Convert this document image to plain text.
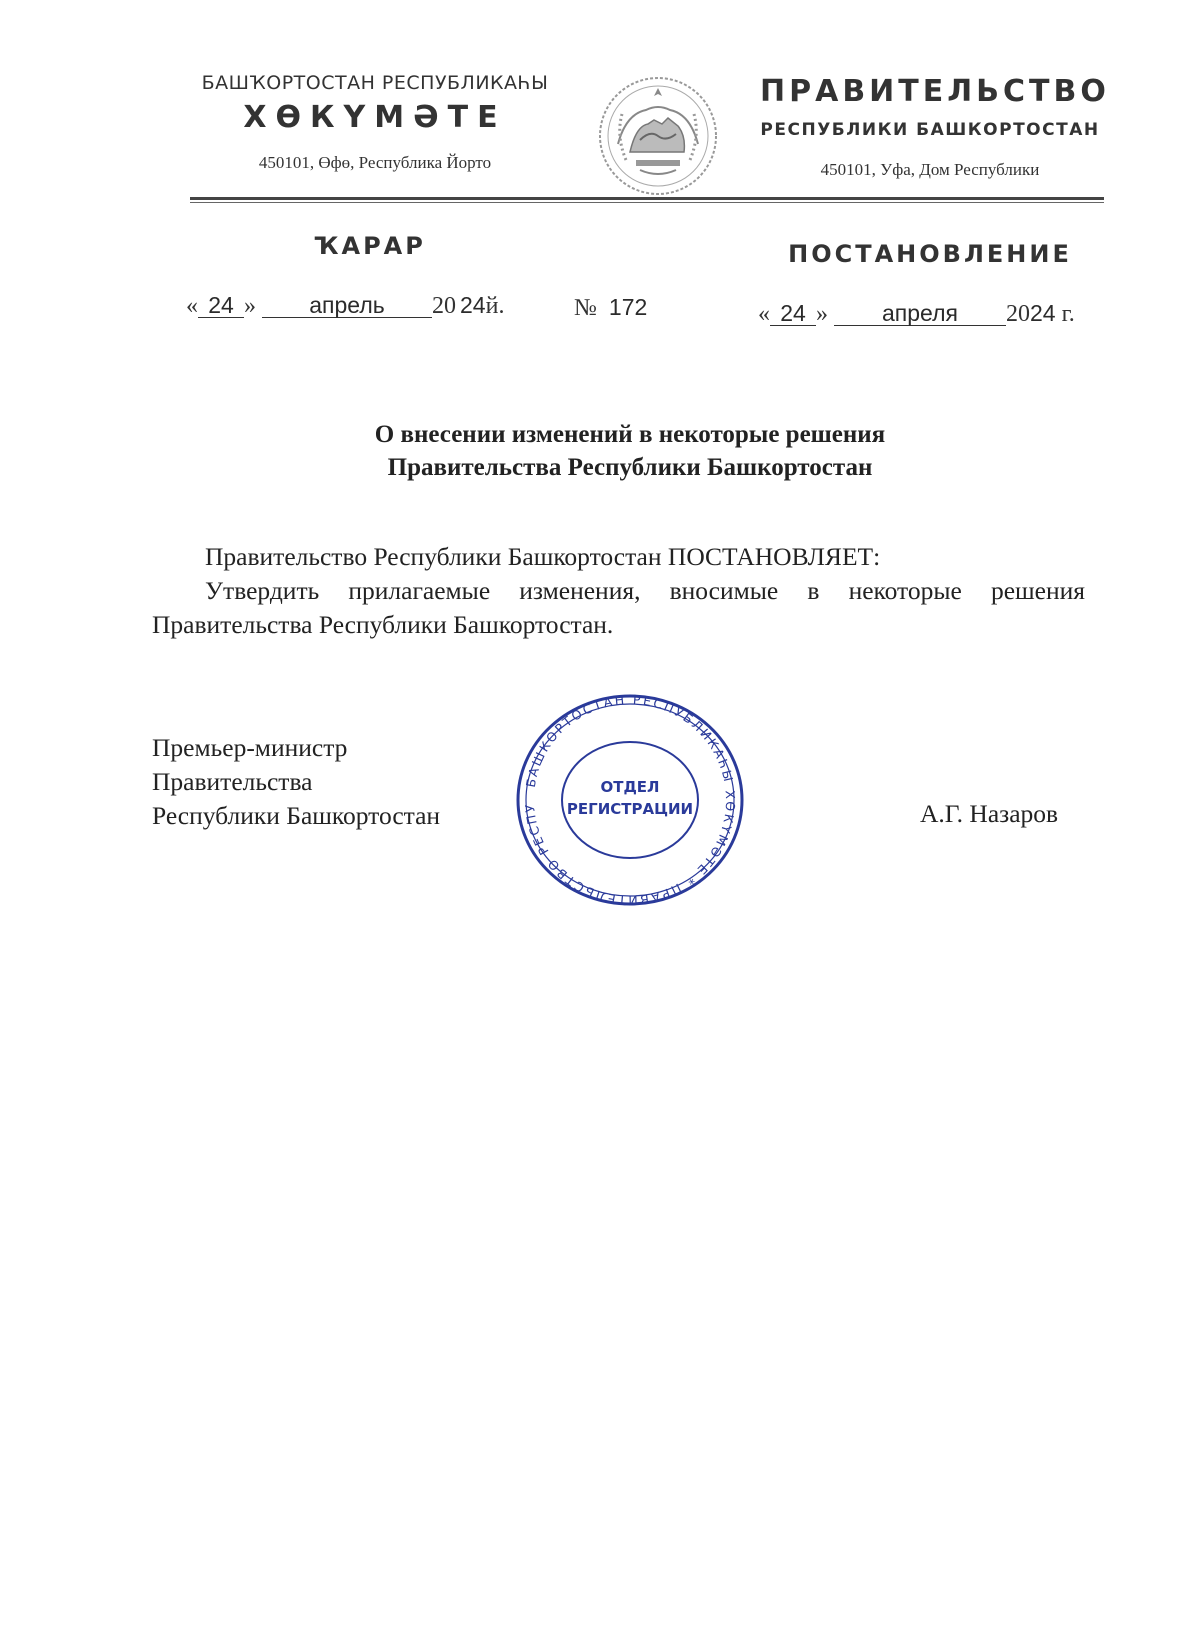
БАШҠОРТОСТАН РЕСПУБЛИКАҺЫ
ХӨКҮМӘТЕ
450101, Өфө, Республика Йорто
ПРАВИТЕЛЬСТВО
РЕСПУБЛИКИ БАШКОРТОСТАН
450101, Уфа, Дом Республики
ҠАРАР	ПОСТАНОВЛЕНИЕ
« 24 » апрель 20 24й.	№ 172	« 24 » апреля 2024 г.
О внесении изменений в некоторые решения
Правительства Республики Башкортостан
Правительство Республики Башкортостан ПОСТАНОВЛЯЕТ:
Утвердить прилагаемые изменения, вносимые в некоторые решения
Правительства Республики Башкортостан.
Премьер-министр
Правительства
Республики Башкортостан	А.Г. Назаров
БАШКОРТОСТАН РЕСПУБЛИКАҺЫ ХӨКҮМӘТЕ * ПРАВИТЕЛЬСТВО РЕСПУ
ОТДЕЛ
РЕГИСТРАЦИИ
